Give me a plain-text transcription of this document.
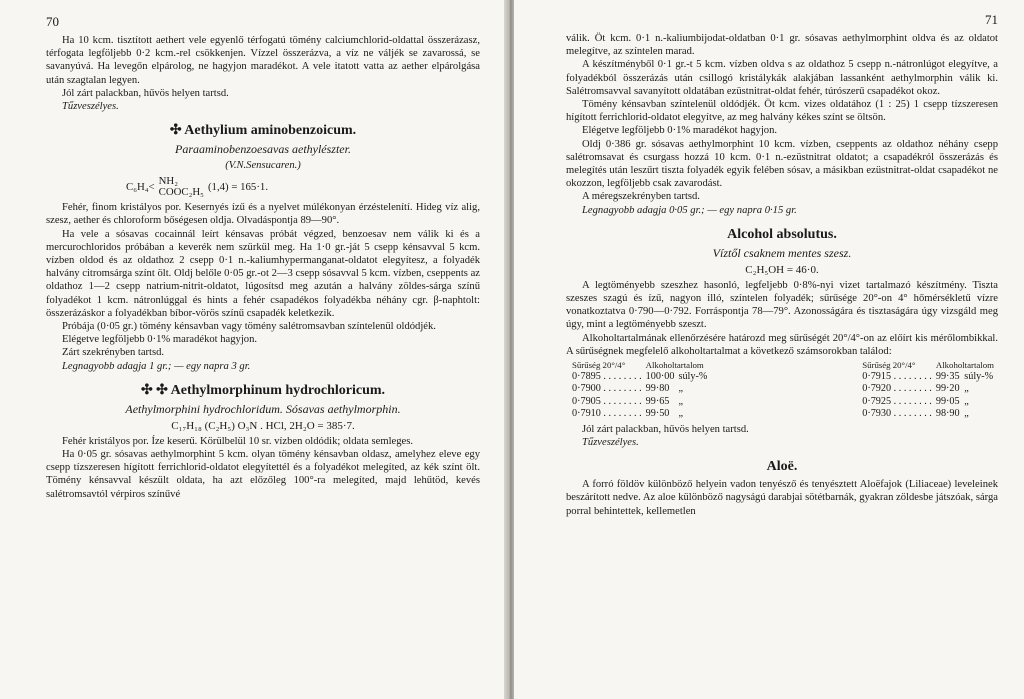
70

Ha 10 kcm. tisztított aethert vele egyenlő térfogatú tömény calciumchlorid-oldattal összerázasz, térfogata legföljebb 0·2 kcm.-rel csökkenjen. Vízzel összerázva, a víz ne váljék se zavarossá, se savanyúvá. Ha levegőn elpárolog, ne hagyjon maradékot. A vele itatott vatta az aether elpárolgása után szagtalan legyen.

Jól zárt palackban, hűvös helyen tartsd.

Tűzveszélyes.

✣ Aethylium aminobenzoicum.
Paraaminobenzoesavas aethylészter.
(V.N.Sensucaren.)
C₆H₄< NH₂
COOC₂H₅ (1,4) = 165·1.

Fehér, finom kristályos por. Kesernyés ízű és a nyelvet múlékonyan érzéstelenítí. Hideg víz alig, szesz, aether és chloroform bőségesen oldja. Olvadáspontja 89—90°.

Ha vele a sósavas cocainnál leírt kénsavas próbát végzed, benzoesav nem válik ki és a mercurochloridos próbában a keverék nem szürkül meg. Ha 1·0 gr.-ját 5 csepp kénsavval 5 kcm. vízben oldod és az oldathoz 2 csepp 0·1 n.-kaliumhypermanganat-oldatot elegyítesz, a folyadék halvány citromsárga színt ölt. Oldj belőle 0·05 gr.-ot 2—3 csepp sósavval 5 kcm. vízben, cseppents az oldathoz 1—2 csepp natrium-nitrit-oldatot, lúgosítsd meg azután a halvány zöldes-sárga színű folyadékot 1 kcm. nátronlúggal és hints a fehér csapadékos folyadékba néhány cgr. β-naphtolt: összerázáskor a folyadékban bíbor-vörös színű csapadék keletkezik.

Próbája (0·05 gr.) tömény kénsavban vagy tömény salétromsavban színtelenül oldódjék.

Elégetve legföljebb 0·1% maradékot hagyjon.

Zárt szekrényben tartsd.

Legnagyobb adagja 1 gr.; — egy napra 3 gr.

✣ ✣ Aethylmorphinum hydrochloricum.
Aethylmorphini hydrochloridum. Sósavas aethylmorphin.
C₁₇H₁₈ (C₂H₅) O₃N . HCl, 2H₂O = 385·7.

Fehér kristályos por. Íze keserű. Körülbelül 10 sr. vízben oldódik; oldata semleges.

Ha 0·05 gr. sósavas aethylmorphint 5 kcm. olyan tömény kénsavban oldasz, amelyhez eleve egy csepp tízszeresen hígított ferrichlorid-oldatot elegyítettél és a folyadékot melegíted, az kék színt ölt. Tömény kénsavval készült oldata, ha azt előzőleg 100°-ra melegíted, majd lehűtöd, kevés salétromsavtól vérpiros színűvé

71

válik. Öt kcm. 0·1 n.-kaliumbijodat-oldatban 0·1 gr. sósavas aethylmorphint oldva és az oldatot melegítve, az színtelen marad.

A készítményből 0·1 gr.-t 5 kcm. vízben oldva s az oldathoz 5 csepp n.-nátronlúgot elegyítve, a folyadékból összerázás után csillogó kristálykák alakjában lassanként aethylmorphin válik ki. Salétromsavval savanyított oldatában ezüstnitrat-oldat fehér, túrószerű csapadékot okoz.

Tömény kénsavban színtelenül oldódjék. Öt kcm. vizes oldatához (1 : 25) 1 csepp tízszeresen hígított ferrichlorid-oldatot elegyítve, az meg halvány kékes színt se öltsön.

Elégetve legföljebb 0·1% maradékot hagyjon.

Oldj 0·386 gr. sósavas aethylmorphint 10 kcm. vízben, cseppents az oldathoz néhány csepp salétromsavat és csurgass hozzá 10 kcm. 0·1 n.-ezüstnitrat oldatot; a csapadékról összerázás és melegítés után leszűrt tiszta folyadék egyik felében sósav, a másikban ezüstnitrat-oldat csapadékot ne okozzon, legföljebb csak zavarodást.

A méregszekrényben tartsd.

Legnagyobb adagja 0·05 gr.; — egy napra 0·15 gr.

Alcohol absolutus.
Víztől csaknem mentes szesz.
C₂H₅OH = 46·0.

A legtöményebb szeszhez hasonló, legfeljebb 0·8%-nyi vizet tartalmazó készítmény. Tiszta szeszes szagú és ízű, nagyon illó, színtelen folyadék; sűrűsége 20°-on 4° hőmérsékletű vízre vonatkoztatva 0·790—0·792. Forráspontja 78—79°. Azonosságára és tisztaságára úgy vizsgáld meg úgy, mint a legtöményebb szeszt.

Alkoholtartalmának ellenőrzésére határozd meg sűrűségét 20°/4°-on az előírt kis mérőlombikkal. A sűrűségnek megfelelő alkoholtartalmat a következő számsorokban találod:

Sűrűség 20°/4°	Alkoholtartalom	
0·7895 . . . . . . . .	100·00	súly-%
0·7900 . . . . . . . .	99·80	„
0·7905 . . . . . . . .	99·65	„
0·7910 . . . . . . . .	99·50	„
Sűrűség 20°/4°	Alkoholtartalom	
0·7915 . . . . . . . .	99·35	súly-%
0·7920 . . . . . . . .	99·20	„
0·7925 . . . . . . . .	99·05	„
0·7930 . . . . . . . .	98·90	„

Jól zárt palackban, hűvös helyen tartsd.

Tűzveszélyes.

Aloë.

A forró földöv különböző helyein vadon tenyésző és tenyésztett Aloëfajok (Liliaceae) leveleinek beszárított nedve. Az aloe különböző nagyságú darabjai sötétbarnák, gyakran zöldesbe játszóak, sárga porral behintettek, kellemetlen
